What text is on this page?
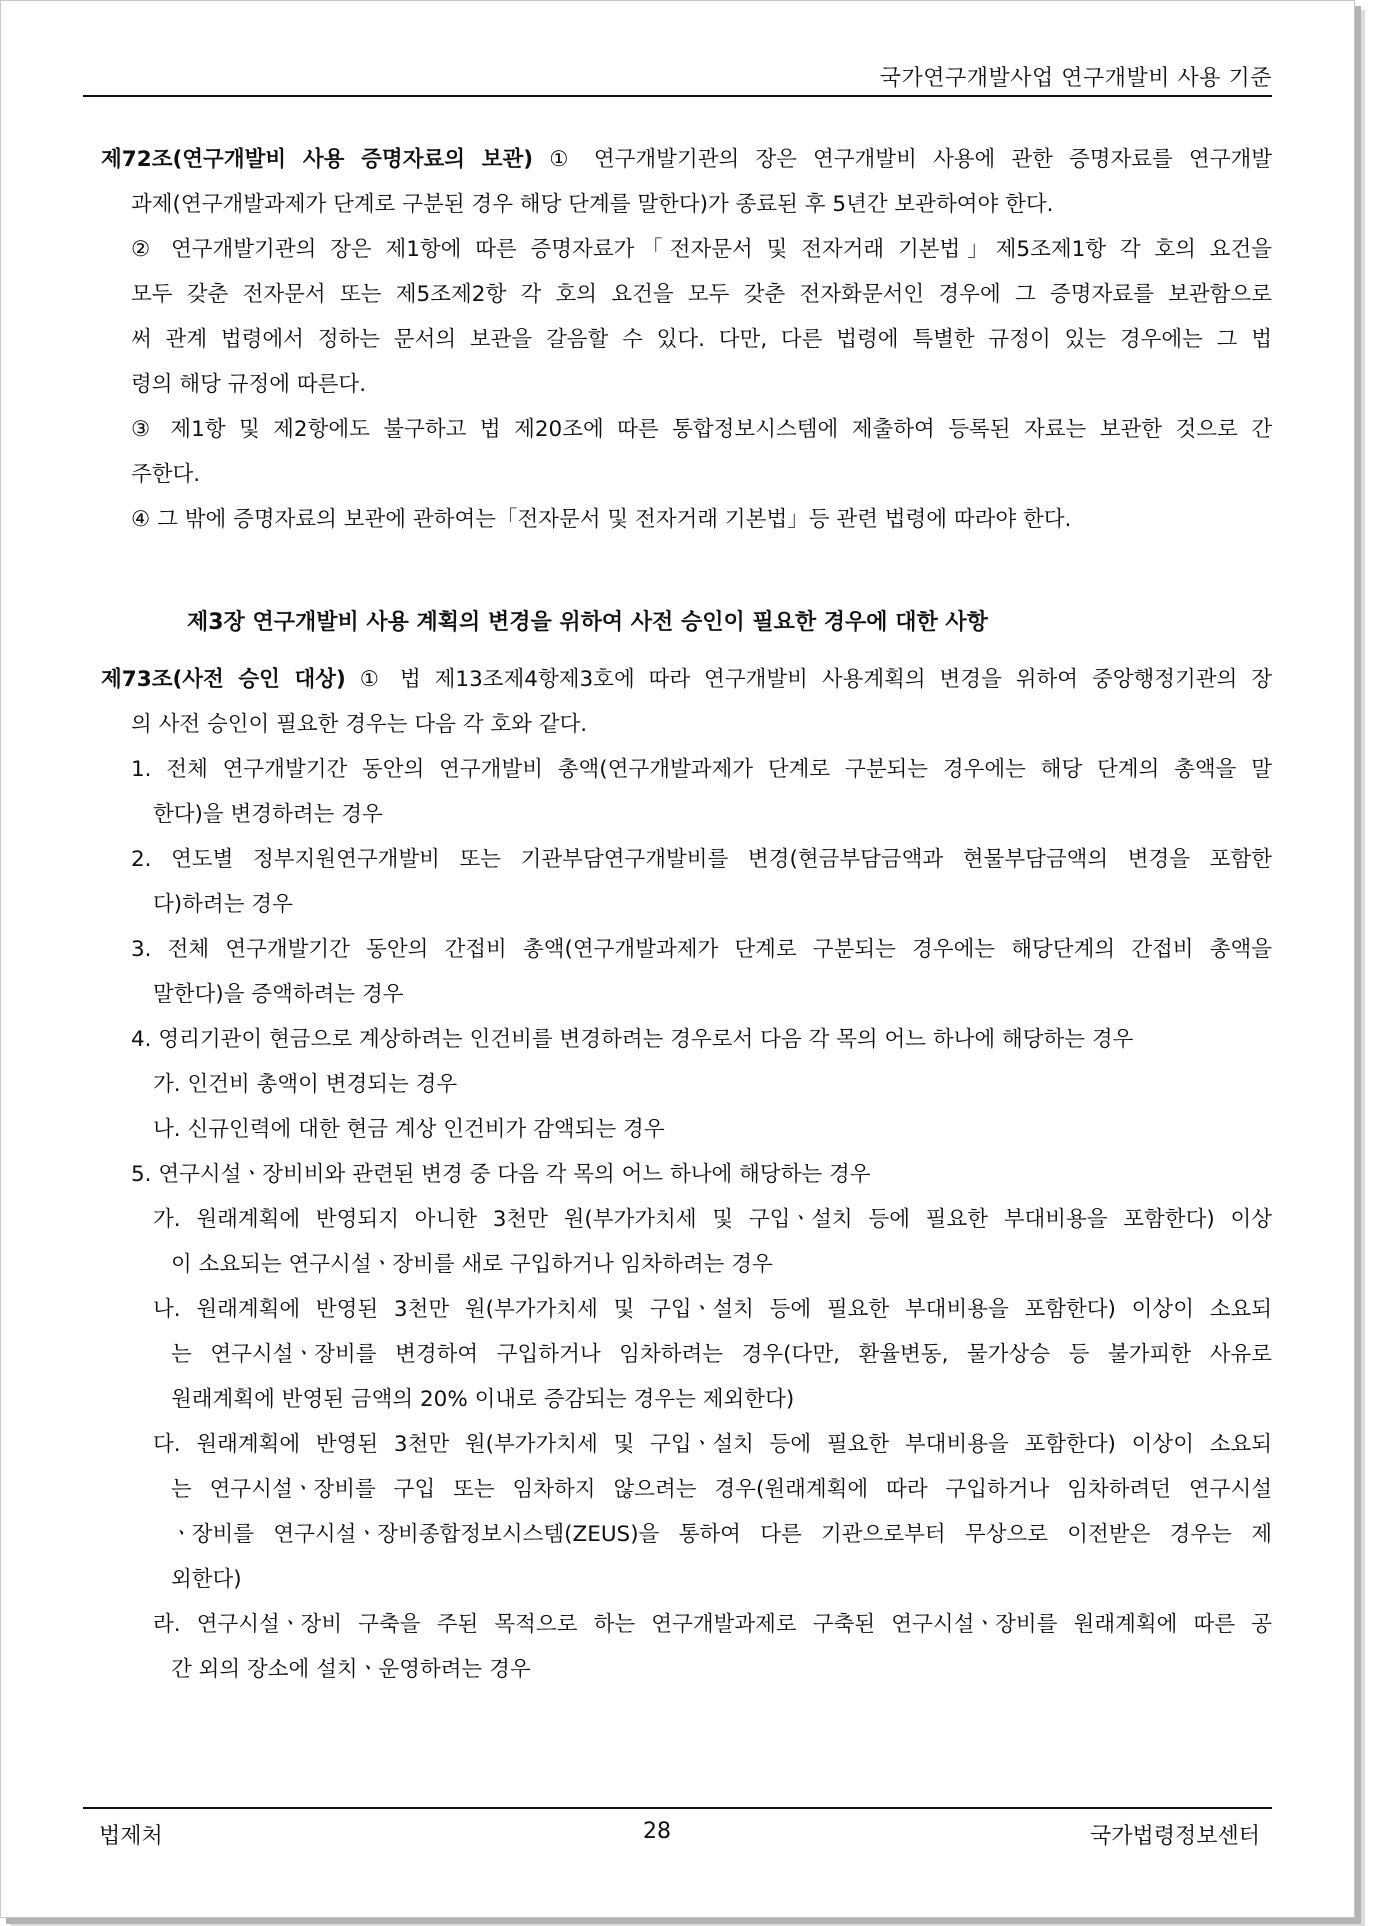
국가연구개발사업 연구개발비 사용 기준
제72조(연구개발비 사용 증명자료의 보관) ① 연구개발기관의 장은 연구개발비 사용에 관한 증명자료를 연구개발
과제(연구개발과제가 단계로 구분된 경우 해당 단계를 말한다)가 종료된 후 5년간 보관하여야 한다.
② 연구개발기관의 장은 제1항에 따른 증명자료가「전자문서 및 전자거래 기본법」제5조제1항 각 호의 요건을
모두 갖춘 전자문서 또는 제5조제2항 각 호의 요건을 모두 갖춘 전자화문서인 경우에 그 증명자료를 보관함으로
써 관계 법령에서 정하는 문서의 보관을 갈음할 수 있다. 다만, 다른 법령에 특별한 규정이 있는 경우에는 그 법
령의 해당 규정에 따른다.
③ 제1항 및 제2항에도 불구하고 법 제20조에 따른 통합정보시스템에 제출하여 등록된 자료는 보관한 것으로 간
주한다.
④ 그 밖에 증명자료의 보관에 관하여는「전자문서 및 전자거래 기본법」등 관련 법령에 따라야 한다.
제3장 연구개발비 사용 계획의 변경을 위하여 사전 승인이 필요한 경우에 대한 사항
제73조(사전 승인 대상) ① 법 제13조제4항제3호에 따라 연구개발비 사용계획의 변경을 위하여 중앙행정기관의 장
의 사전 승인이 필요한 경우는 다음 각 호와 같다.
1. 전체 연구개발기간 동안의 연구개발비 총액(연구개발과제가 단계로 구분되는 경우에는 해당 단계의 총액을 말
한다)을 변경하려는 경우
2. 연도별 정부지원연구개발비 또는 기관부담연구개발비를 변경(현금부담금액과 현물부담금액의 변경을 포함한
다)하려는 경우
3. 전체 연구개발기간 동안의 간접비 총액(연구개발과제가 단계로 구분되는 경우에는 해당단계의 간접비 총액을
말한다)을 증액하려는 경우
4. 영리기관이 현금으로 계상하려는 인건비를 변경하려는 경우로서 다음 각 목의 어느 하나에 해당하는 경우
가. 인건비 총액이 변경되는 경우
나. 신규인력에 대한 현금 계상 인건비가 감액되는 경우
5. 연구시설ㆍ장비비와 관련된 변경 중 다음 각 목의 어느 하나에 해당하는 경우
가. 원래계획에 반영되지 아니한 3천만 원(부가가치세 및 구입ㆍ설치 등에 필요한 부대비용을 포함한다) 이상
이 소요되는 연구시설ㆍ장비를 새로 구입하거나 임차하려는 경우
나. 원래계획에 반영된 3천만 원(부가가치세 및 구입ㆍ설치 등에 필요한 부대비용을 포함한다) 이상이 소요되
는 연구시설ㆍ장비를 변경하여 구입하거나 임차하려는 경우(다만, 환율변동, 물가상승 등 불가피한 사유로
원래계획에 반영된 금액의 20% 이내로 증감되는 경우는 제외한다)
다. 원래계획에 반영된 3천만 원(부가가치세 및 구입ㆍ설치 등에 필요한 부대비용을 포함한다) 이상이 소요되
는 연구시설ㆍ장비를 구입 또는 임차하지 않으려는 경우(원래계획에 따라 구입하거나 임차하려던 연구시설
ㆍ장비를 연구시설ㆍ장비종합정보시스템(ZEUS)을 통하여 다른 기관으로부터 무상으로 이전받은 경우는 제
외한다)
라. 연구시설ㆍ장비 구축을 주된 목적으로 하는 연구개발과제로 구축된 연구시설ㆍ장비를 원래계획에 따른 공
간 외의 장소에 설치ㆍ운영하려는 경우
법제처	28	국가법령정보센터
